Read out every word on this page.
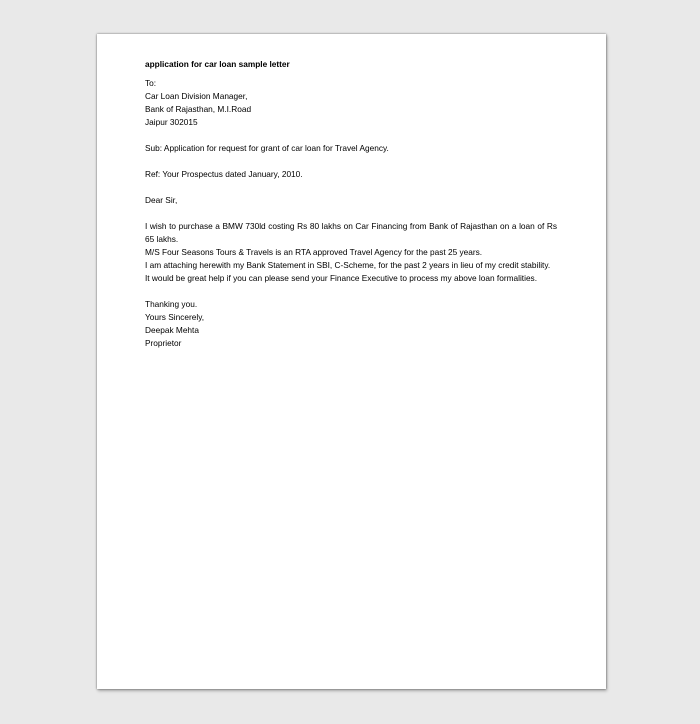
application for car loan sample letter
To:
Car Loan Division Manager,
Bank of Rajasthan, M.I.Road
Jaipur 302015
Sub: Application for request for grant of car loan for Travel Agency.
Ref: Your Prospectus dated January, 2010.
Dear Sir,
I wish to purchase a BMW 730ld costing Rs 80 lakhs on Car Financing from Bank of Rajasthan on a loan of Rs 65 lakhs.
M/S Four Seasons Tours & Travels is an RTA approved Travel Agency for the past 25 years.
I am attaching herewith my Bank Statement in SBI, C-Scheme, for the past 2 years in lieu of my credit stability.
It would be great help if you can please send your Finance Executive to process my above loan formalities.
Thanking you.
Yours Sincerely,
Deepak Mehta
Proprietor
